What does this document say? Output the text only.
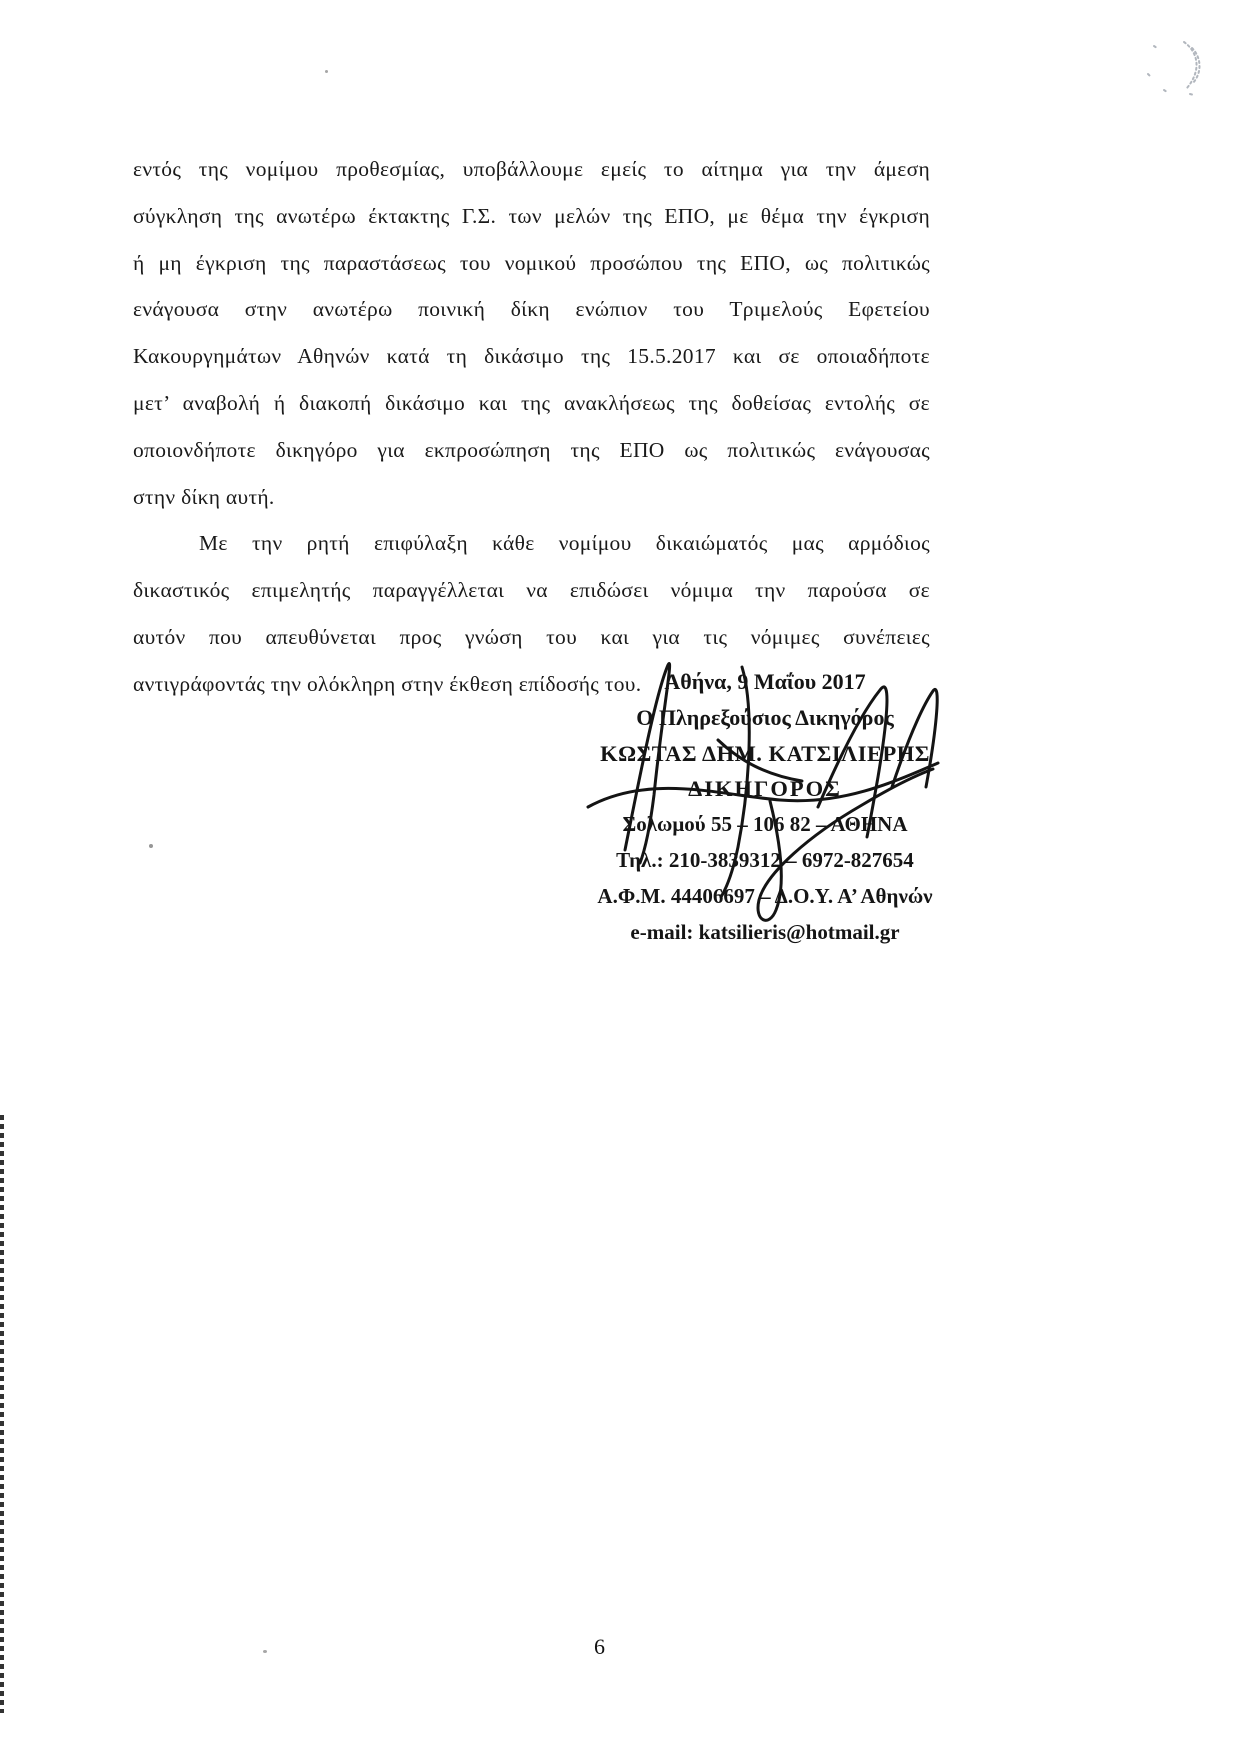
εντός της νομίμου προθεσμίας, υποβάλλουμε εμείς το αίτημα για την άμεση
σύγκληση της ανωτέρω έκτακτης Γ.Σ. των μελών της ΕΠΟ, με θέμα την έγκριση
ή μη έγκριση της παραστάσεως του νομικού προσώπου της ΕΠΟ, ως πολιτικώς
ενάγουσα στην ανωτέρω ποινική δίκη ενώπιον του Τριμελούς Εφετείου
Κακουργημάτων Αθηνών κατά τη δικάσιμο της 15.5.2017 και σε οποιαδήποτε
μετ’ αναβολή ή διακοπή δικάσιμο και της ανακλήσεως της δοθείσας εντολής σε
οποιονδήποτε δικηγόρο για εκπροσώπηση της ΕΠΟ ως πολιτικώς ενάγουσας
στην δίκη αυτή.
Με την ρητή επιφύλαξη κάθε νομίμου δικαιώματός μας αρμόδιος
δικαστικός επιμελητής παραγγέλλεται να επιδώσει νόμιμα την παρούσα σε
αυτόν που απευθύνεται προς γνώση του και για τις νόμιμες συνέπειες
αντιγράφοντάς την ολόκληρη στην έκθεση επίδοσής του.	Αθήνα, 9 Μαΐου 2017
Ο Πληρεξούσιος Δικηγόρος
ΚΩΣΤΑΣ ΔΗΜ. ΚΑΤΣΙΛΙΕΡΗΣ
ΔΙΚΗΓΟΡΟΣ
Σολωμού 55 – 106 82 – ΑΘΗΝΑ
Τηλ.: 210-3839312 – 6972-827654
Α.Φ.Μ. 44406697 – Δ.Ο.Υ. Α’ Αθηνών
e-mail: katsilieris@hotmail.gr
6
